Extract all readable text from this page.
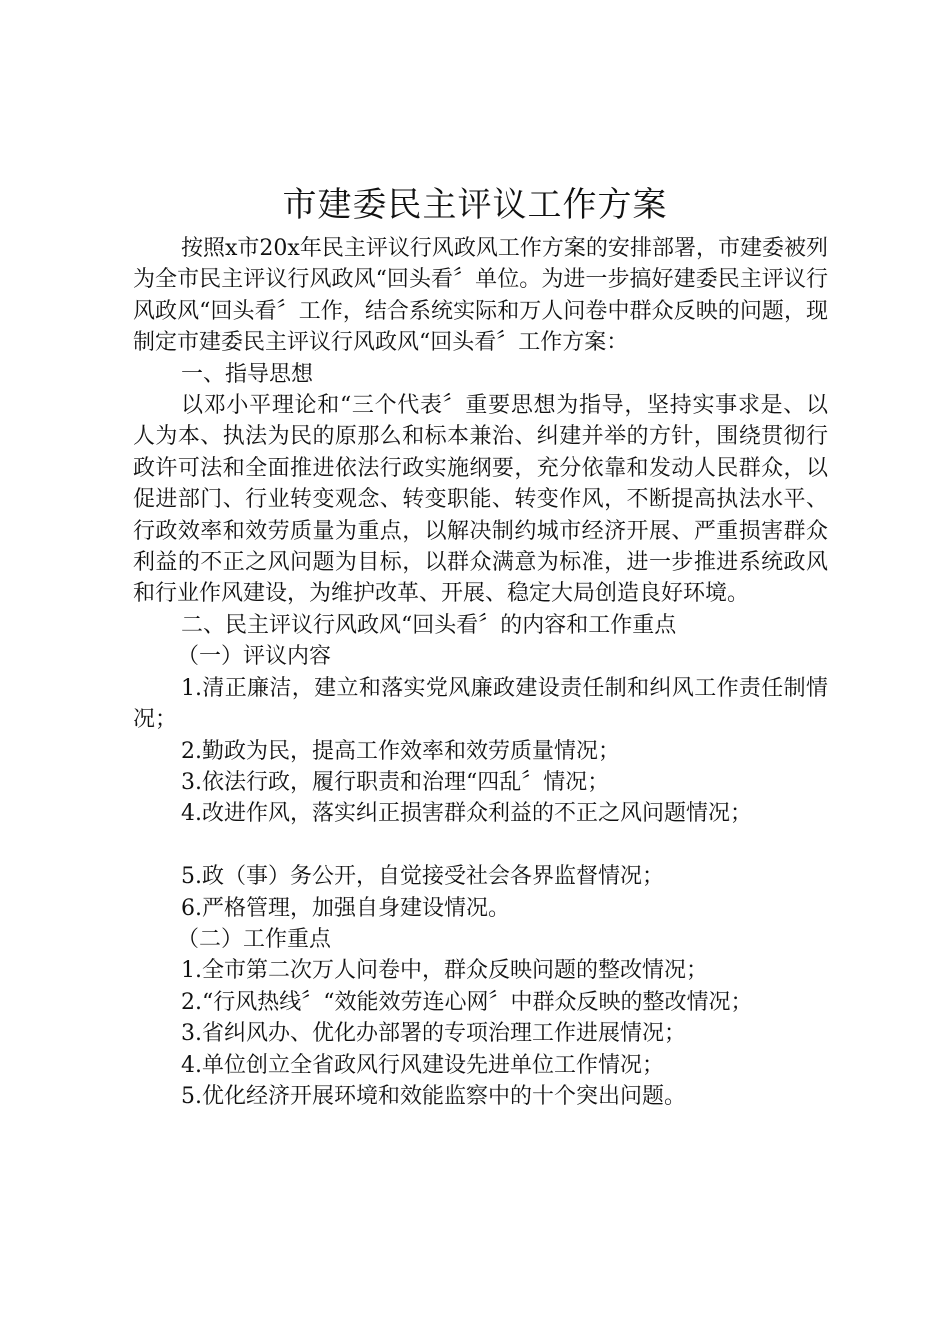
市建委民主评议工作方案

按照x市20x年民主评议行风政风工作方案的安排部署，市建委被列为全市民主评议行风政风“回头看〞单位。为进一步搞好建委民主评议行风政风“回头看〞工作，结合系统实际和万人问卷中群众反映的问题，现制定市建委民主评议行风政风“回头看〞工作方案：

一、指导思想

以邓小平理论和“三个代表〞重要思想为指导，坚持实事求是、以人为本、执法为民的原那么和标本兼治、纠建并举的方针，围绕贯彻行政许可法和全面推进依法行政实施纲要，充分依靠和发动人民群众，以促进部门、行业转变观念、转变职能、转变作风，不断提高执法水平、行政效率和效劳质量为重点，以解决制约城市经济开展、严重损害群众利益的不正之风问题为目标，以群众满意为标准，进一步推进系统政风和行业作风建设，为维护改革、开展、稳定大局创造良好环境。

二、民主评议行风政风“回头看〞的内容和工作重点

（一）评议内容

1.清正廉洁，建立和落实党风廉政建设责任制和纠风工作责任制情况；

2.勤政为民，提高工作效率和效劳质量情况；

3.依法行政，履行职责和治理“四乱〞情况；

4.改进作风，落实纠正损害群众利益的不正之风问题情况；

5.政（事）务公开，自觉接受社会各界监督情况；

6.严格管理，加强自身建设情况。

（二）工作重点

1.全市第二次万人问卷中，群众反映问题的整改情况；

2.“行风热线〞“效能效劳连心网〞中群众反映的整改情况；

3.省纠风办、优化办部署的专项治理工作进展情况；

4.单位创立全省政风行风建设先进单位工作情况；

5.优化经济开展环境和效能监察中的十个突出问题。
